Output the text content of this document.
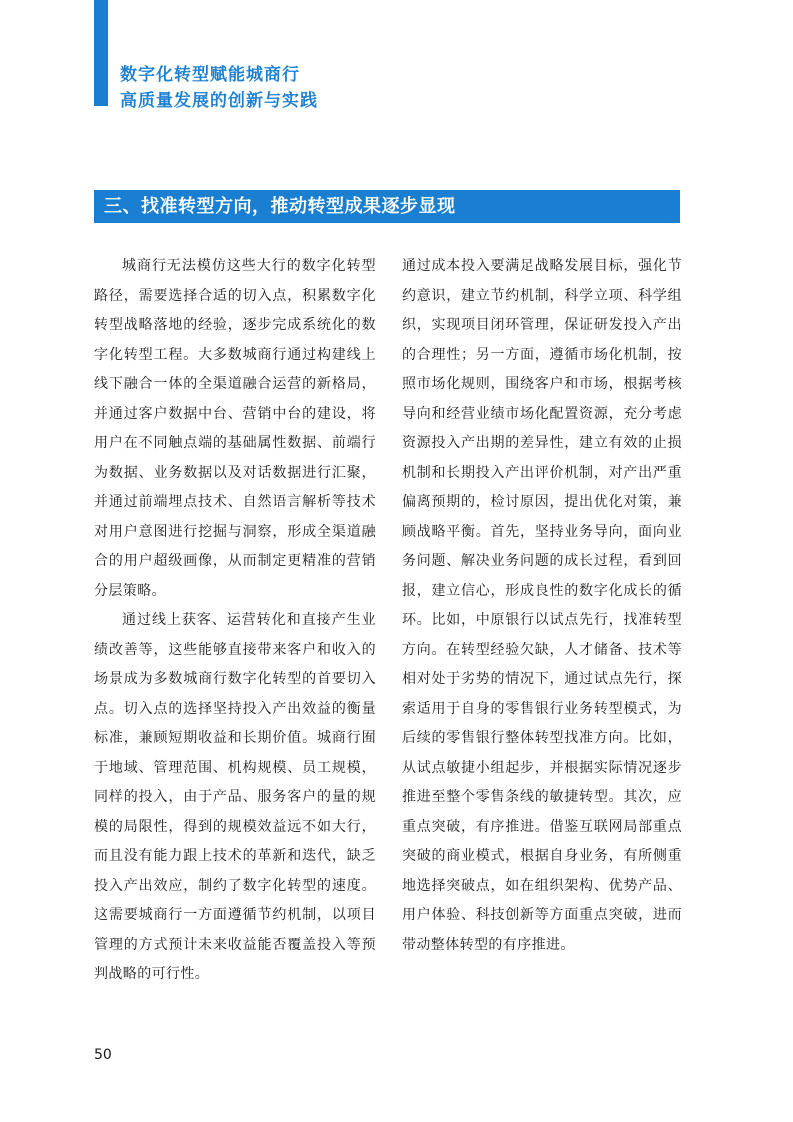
数字化转型赋能城商行
高质量发展的创新与实践
三、找准转型方向，推动转型成果逐步显现

城商行无法模仿这些大行的数字化转型路径，需要选择合适的切入点，积累数字化转型战略落地的经验，逐步完成系统化的数字化转型工程。大多数城商行通过构建线上线下融合一体的全渠道融合运营的新格局，并通过客户数据中台、营销中台的建设，将用户在不同触点端的基础属性数据、前端行为数据、业务数据以及对话数据进行汇聚，并通过前端埋点技术、自然语言解析等技术对用户意图进行挖掘与洞察，形成全渠道融合的用户超级画像，从而制定更精准的营销分层策略。

通过线上获客、运营转化和直接产生业绩改善等，这些能够直接带来客户和收入的场景成为多数城商行数字化转型的首要切入点。切入点的选择坚持投入产出效益的衡量标准，兼顾短期收益和长期价值。城商行囿于地域、管理范围、机构规模、员工规模，同样的投入，由于产品、服务客户的量的规模的局限性，得到的规模效益远不如大行，而且没有能力跟上技术的革新和迭代，缺乏投入产出效应，制约了数字化转型的速度。这需要城商行一方面遵循节约机制，以项目管理的方式预计未来收益能否覆盖投入等预判战略的可行性。

通过成本投入要满足战略发展目标，强化节约意识，建立节约机制，科学立项、科学组织，实现项目闭环管理，保证研发投入产出的合理性；另一方面，遵循市场化机制，按照市场化规则，围绕客户和市场，根据考核导向和经营业绩市场化配置资源，充分考虑资源投入产出期的差异性，建立有效的止损机制和长期投入产出评价机制，对产出严重偏离预期的，检讨原因，提出优化对策，兼顾战略平衡。首先，坚持业务导向，面向业务问题、解决业务问题的成长过程，看到回报，建立信心，形成良性的数字化成长的循环。比如，中原银行以试点先行，找准转型方向。在转型经验欠缺，人才储备、技术等相对处于劣势的情况下，通过试点先行，探索适用于自身的零售银行业务转型模式，为后续的零售银行整体转型找准方向。比如，从试点敏捷小组起步，并根据实际情况逐步推进至整个零售条线的敏捷转型。其次，应重点突破，有序推进。借鉴互联网局部重点突破的商业模式，根据自身业务，有所侧重地选择突破点，如在组织架构、优势产品、用户体验、科技创新等方面重点突破，进而带动整体转型的有序推进。

50
